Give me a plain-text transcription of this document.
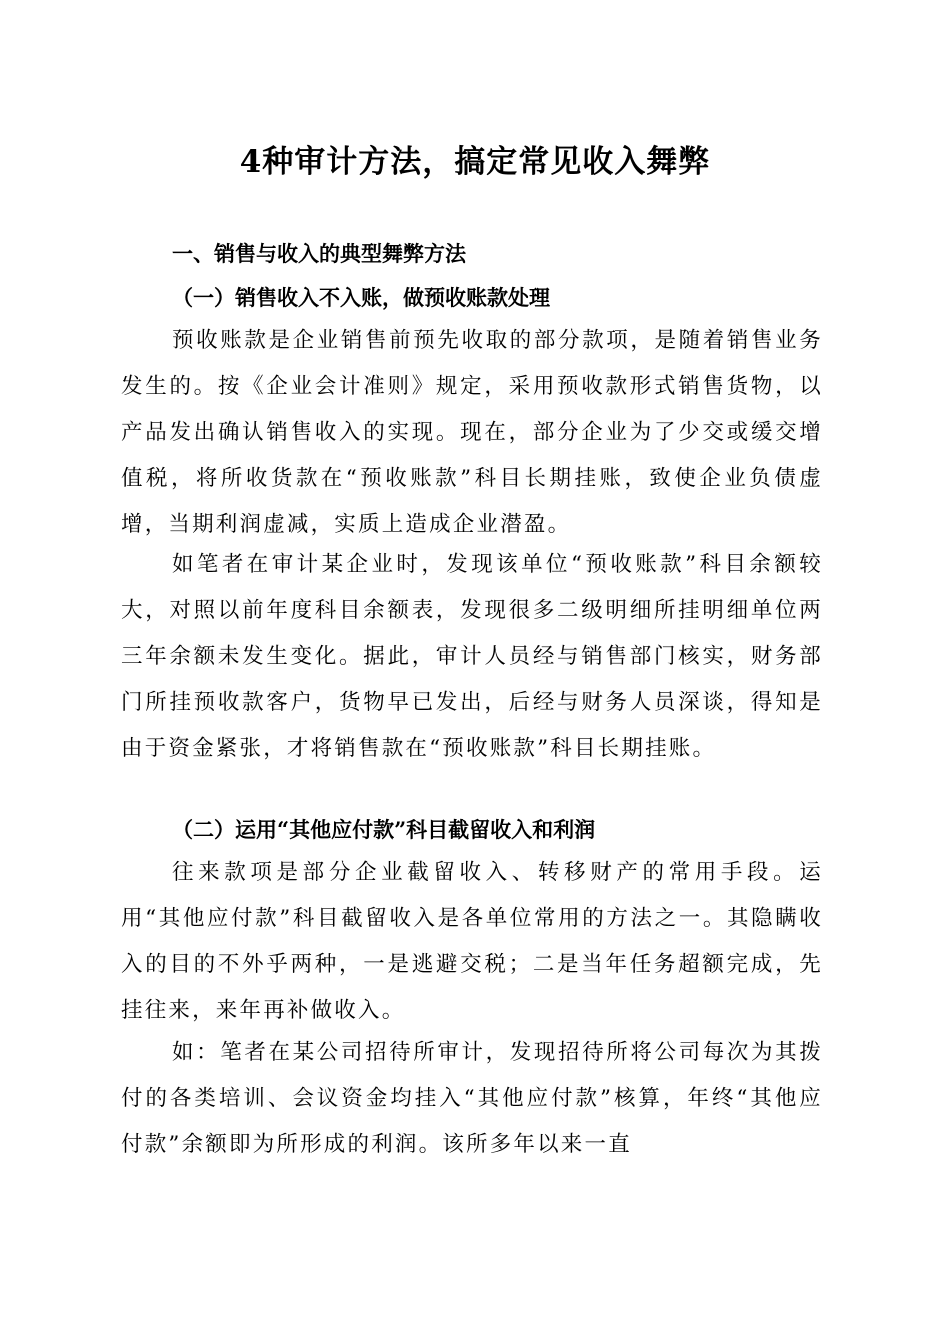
4种审计方法，搞定常见收入舞弊
一、销售与收入的典型舞弊方法
（一）销售收入不入账，做预收账款处理

预收账款是企业销售前预先收取的部分款项，是随着销售业务发生的。按《企业会计准则》规定，采用预收款形式销售货物，以产品发出确认销售收入的实现。现在，部分企业为了少交或缓交增值税，将所收货款在“预收账款”科目长期挂账，致使企业负债虚增，当期利润虚减，实质上造成企业潜盈。

如笔者在审计某企业时，发现该单位“预收账款”科目余额较大，对照以前年度科目余额表，发现很多二级明细所挂明细单位两三年余额未发生变化。据此，审计人员经与销售部门核实，财务部门所挂预收款客户，货物早已发出，后经与财务人员深谈，得知是由于资金紧张，才将销售款在“预收账款”科目长期挂账。

（二）运用“其他应付款”科目截留收入和利润

往来款项是部分企业截留收入、转移财产的常用手段。运用“其他应付款”科目截留收入是各单位常用的方法之一。其隐瞒收入的目的不外乎两种，一是逃避交税；二是当年任务超额完成，先挂往来，来年再补做收入。

如：笔者在某公司招待所审计，发现招待所将公司每次为其拨付的各类培训、会议资金均挂入“其他应付款”核算，年终“其他应付款”余额即为所形成的利润。该所多年以来一直
